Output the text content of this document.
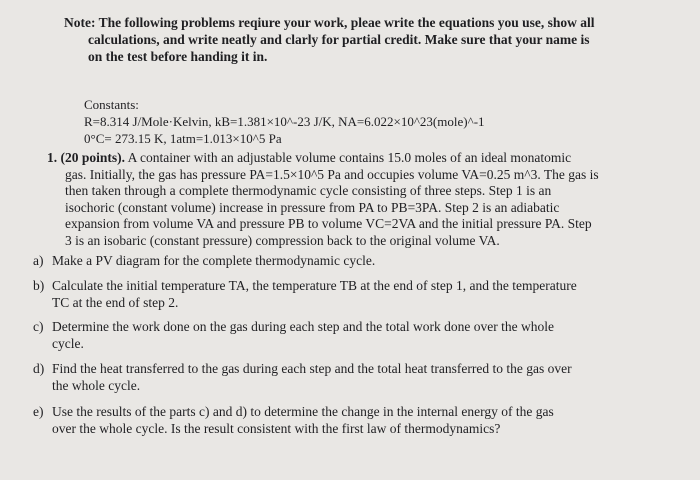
Note: The following problems reqiure your work, pleae write the equations you use, show all
calculations, and write neatly and clarly for partial credit. Make sure that your name is
on the test before handing it in.
Constants:
R=8.314 J/Mole·Kelvin, kB=1.381×10^-23 J/K, NA=6.022×10^23(mole)^-1
0°C= 273.15 K, 1atm=1.013×10^5 Pa
1. (20 points). A container with an adjustable volume contains 15.0 moles of an ideal monatomic
gas. Initially, the gas has pressure PA=1.5×10^5 Pa and occupies volume VA=0.25 m^3. The gas is
then taken through a complete thermodynamic cycle consisting of three steps. Step 1 is an
isochoric (constant volume) increase in pressure from PA to PB=3PA. Step 2 is an adiabatic
expansion from volume VA and pressure PB to volume VC=2VA and the initial pressure PA. Step
3 is an isobaric (constant pressure) compression back to the original volume VA.
a) Make a PV diagram for the complete thermodynamic cycle.
b) Calculate the initial temperature TA, the temperature TB at the end of step 1, and the temperature
TC at the end of step 2.
c) Determine the work done on the gas during each step and the total work done over the whole
cycle.
d) Find the heat transferred to the gas during each step and the total heat transferred to the gas over
the whole cycle.
e) Use the results of the parts c) and d) to determine the change in the internal energy of the gas
over the whole cycle. Is the result consistent with the first law of thermodynamics?
